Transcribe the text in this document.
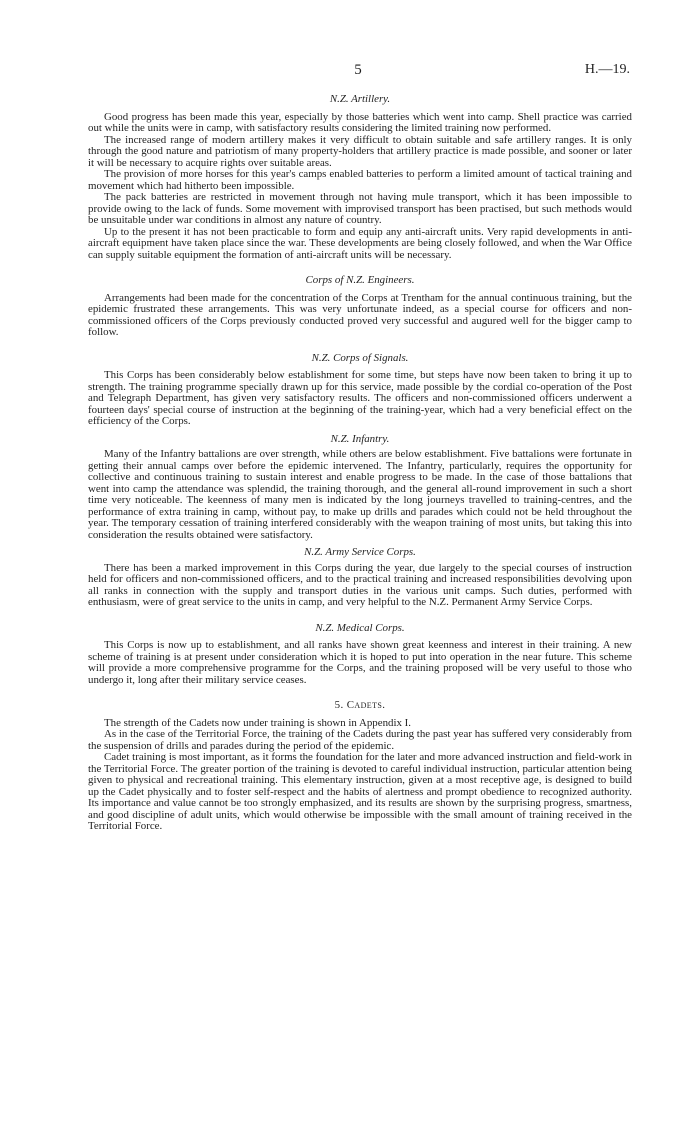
5	H.—19.
N.Z. Artillery.

Good progress has been made this year, especially by those batteries which went into camp. Shell practice was carried out while the units were in camp, with satisfactory results considering the limited training now performed.

The increased range of modern artillery makes it very difficult to obtain suitable and safe artillery ranges. It is only through the good nature and patriotism of many property-holders that artillery practice is made possible, and sooner or later it will be necessary to acquire rights over suitable areas.

The provision of more horses for this year's camps enabled batteries to perform a limited amount of tactical training and movement which had hitherto been impossible.

The pack batteries are restricted in movement through not having mule transport, which it has been impossible to provide owing to the lack of funds. Some movement with improvised transport has been practised, but such methods would be unsuitable under war conditions in almost any nature of country.

Up to the present it has not been practicable to form and equip any anti-aircraft units. Very rapid developments in anti-aircraft equipment have taken place since the war. These developments are being closely followed, and when the War Office can supply suitable equipment the formation of anti-aircraft units will be necessary.

Corps of N.Z. Engineers.

Arrangements had been made for the concentration of the Corps at Trentham for the annual continuous training, but the epidemic frustrated these arrangements. This was very unfortunate indeed, as a special course for officers and non-commissioned officers of the Corps previously conducted proved very successful and augured well for the bigger camp to follow.

N.Z. Corps of Signals.

This Corps has been considerably below establishment for some time, but steps have now been taken to bring it up to strength. The training programme specially drawn up for this service, made possible by the cordial co-operation of the Post and Telegraph Department, has given very satisfactory results. The officers and non-commissioned officers underwent a fourteen days' special course of instruction at the beginning of the training-year, which had a very beneficial effect on the efficiency of the Corps.

N.Z. Infantry.

Many of the Infantry battalions are over strength, while others are below establishment. Five battalions were fortunate in getting their annual camps over before the epidemic intervened. The Infantry, particularly, requires the opportunity for collective and continuous training to sustain interest and enable progress to be made. In the case of those battalions that went into camp the attendance was splendid, the training thorough, and the general all-round improvement in such a short time very noticeable. The keenness of many men is indicated by the long journeys travelled to training-centres, and the performance of extra training in camp, without pay, to make up drills and parades which could not be held throughout the year. The temporary cessation of training interfered considerably with the weapon training of most units, but taking this into consideration the results obtained were satisfactory.

N.Z. Army Service Corps.

There has been a marked improvement in this Corps during the year, due largely to the special courses of instruction held for officers and non-commissioned officers, and to the practical training and increased responsibilities devolving upon all ranks in connection with the supply and transport duties in the various unit camps. Such duties, performed with enthusiasm, were of great service to the units in camp, and very helpful to the N.Z. Permanent Army Service Corps.

N.Z. Medical Corps.

This Corps is now up to establishment, and all ranks have shown great keenness and interest in their training. A new scheme of training is at present under consideration which it is hoped to put into operation in the near future. This scheme will provide a more comprehensive programme for the Corps, and the training proposed will be very useful to those who undergo it, long after their military service ceases.

5. Cadets.

The strength of the Cadets now under training is shown in Appendix I.

As in the case of the Territorial Force, the training of the Cadets during the past year has suffered very considerably from the suspension of drills and parades during the period of the epidemic.

Cadet training is most important, as it forms the foundation for the later and more advanced instruction and field-work in the Territorial Force. The greater portion of the training is devoted to careful individual instruction, particular attention being given to physical and recreational training. This elementary instruction, given at a most receptive age, is designed to build up the Cadet physically and to foster self-respect and the habits of alertness and prompt obedience to recognized authority. Its importance and value cannot be too strongly emphasized, and its results are shown by the surprising progress, smartness, and good discipline of adult units, which would otherwise be impossible with the small amount of training received in the Territorial Force.
